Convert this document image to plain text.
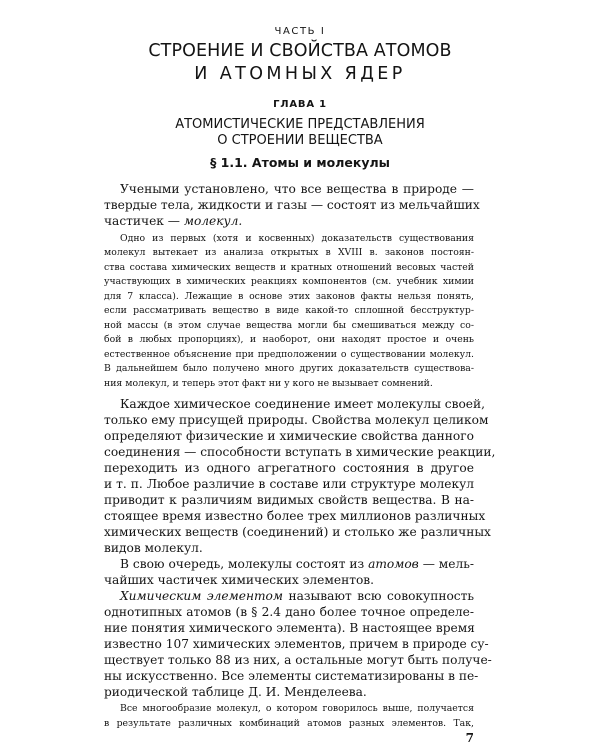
ЧАСТЬ I
СТРОЕНИЕ И СВОЙСТВА АТОМОВ
И АТОМНЫХ ЯДЕР
ГЛАВА 1
АТОМИСТИЧЕСКИЕ ПРЕДСТАВЛЕНИЯ
О СТРОЕНИИ ВЕЩЕСТВА
§ 1.1. Атомы и молекулы
Учеными установлено, что все вещества в природе —
твердые тела, жидкости и газы — состоят из мельчайших
частичек — молекул.
Одно из первых (хотя и косвенных) доказательств существования
молекул вытекает из анализа открытых в XVIII в. законов постоян-
ства состава химических веществ и кратных отношений весовых частей
участвующих в химических реакциях компонентов (см. учебник химии
для 7 класса). Лежащие в основе этих законов факты нельзя понять,
если рассматривать вещество в виде какой-то сплошной бесструктур-
ной массы (в этом случае вещества могли бы смешиваться между со-
бой в любых пропорциях), и наоборот, они находят простое и очень
естественное объяснение при предположении о существовании молекул.
В дальнейшем было получено много других доказательств существова-
ния молекул, и теперь этот факт ни у кого не вызывает сомнений.
Каждое химическое соединение имеет молекулы своей,
только ему присущей природы. Свойства молекул целиком
определяют физические и химические свойства данного
соединения — способности вступать в химические реакции,
переходить из одного агрегатного состояния в другое
и т. п. Любое различие в составе или структуре молекул
приводит к различиям видимых свойств вещества. В на-
стоящее время известно более трех миллионов различных
химических веществ (соединений) и столько же различных
видов молекул.
В свою очередь, молекулы состоят из атомов — мель-
чайших частичек химических элементов.
Химическим элементом называют всю совокупность
однотипных атомов (в § 2.4 дано более точное определе-
ние понятия химического элемента). В настоящее время
известно 107 химических элементов, причем в природе су-
ществует только 88 из них, а остальные могут быть получе-
ны искусственно. Все элементы систематизированы в пе-
риодической таблице Д. И. Менделеева.
Все многообразие молекул, о котором говорилось выше, получается
в результате различных комбинаций атомов разных элементов. Так,
7
